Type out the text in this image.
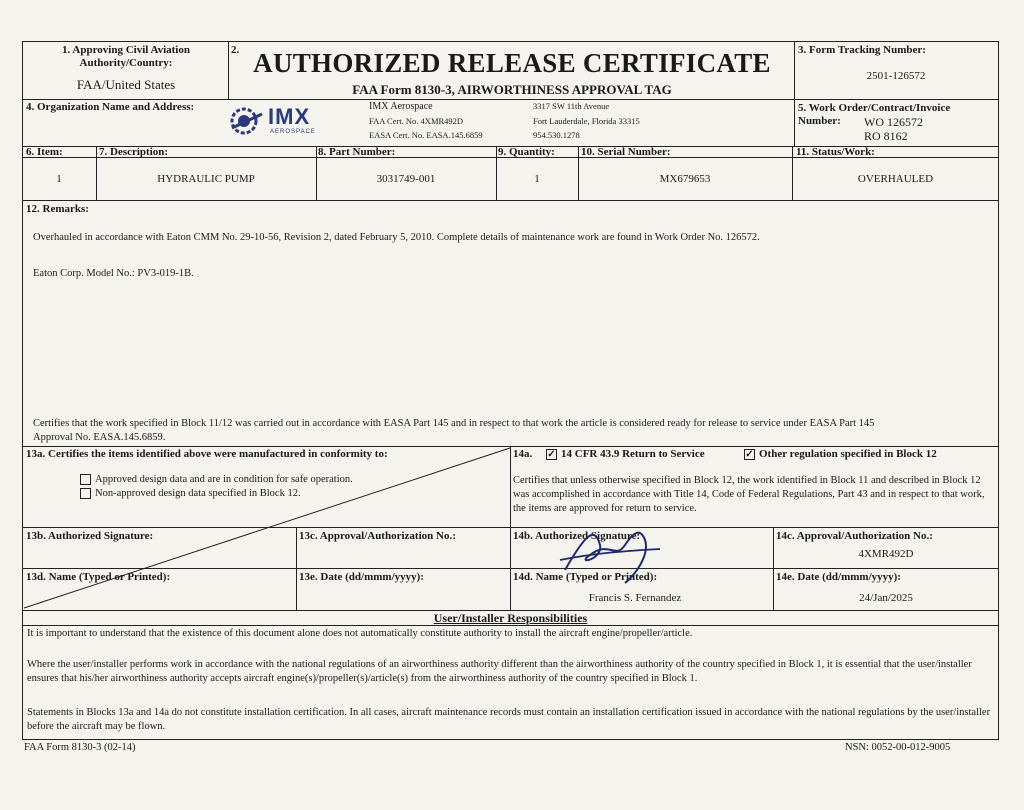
1. Approving Civil Aviation
Authority/Country:
FAA/United States
2. AUTHORIZED RELEASE CERTIFICATE
FAA Form 8130-3, AIRWORTHINESS APPROVAL TAG
3. Form Tracking Number:
2501-126572
4. Organization Name and Address:	IMX
AEROSPACE
IMX Aerospace
FAA Cert. No. 4XMR492D
EASA Cert. No. EASA.145.6859
3317 SW 11th Avenue
Fort Lauderdale, Florida 33315
954.530.1278
5. Work Order/Contract/Invoice
Number: WO 126572
RO 8162
6. Item:	7. Description:	8. Part Number:	9. Quantity: 10. Serial Number:	11. Status/Work:
1	HYDRAULIC PUMP	3031749-001	1	MX679653	OVERHAULED
12. Remarks:
Overhauled in accordance with Eaton CMM No. 29-10-56, Revision 2, dated February 5, 2010. Complete details of maintenance work are found in Work Order No. 126572.
Eaton Corp. Model No.: PV3-019-1B.
Certifies that the work specified in Block 11/12 was carried out in accordance with EASA Part 145 and in respect to that work the article is considered ready for release to service under EASA Part 145
Approval No. EASA.145.6859.
13a. Certifies the items identified above were manufactured in conformity to:
Approved design data and are in condition for safe operation.
Non-approved design data specified in Block 12.
14a. ✓ 14 CFR 43.9 Return to Service	✓ Other regulation specified in Block 12
Certifies that unless otherwise specified in Block 12, the work identified in Block 11 and described in Block 12 was accomplished in accordance with Title 14, Code of Federal Regulations, Part 43 and in respect to that work, the items are approved for return to service.
13b. Authorized Signature:	13c. Approval/Authorization No.:	14b. Authorized Signature:	14c. Approval/Authorization No.:
4XMR492D
13d. Name (Typed or Printed):	13e. Date (dd/mmm/yyyy):	14d. Name (Typed or Printed):
Francis S. Fernandez
14e. Date (dd/mmm/yyyy):
24/Jan/2025
User/Installer Responsibilities
It is important to understand that the existence of this document alone does not automatically constitute authority to install the aircraft engine/propeller/article.
Where the user/installer performs work in accordance with the national regulations of an airworthiness authority different than the airworthiness authority of the country specified in Block 1, it is essential that the user/installer ensures that his/her airworthiness authority accepts aircraft engine(s)/propeller(s)/article(s) from the airworthiness authority of the country specified in Block 1.
Statements in Blocks 13a and 14a do not constitute installation certification. In all cases, aircraft maintenance records must contain an installation certification issued in accordance with the national regulations by the user/installer before the aircraft may be flown.
FAA Form 8130-3 (02-14)	NSN: 0052-00-012-9005
